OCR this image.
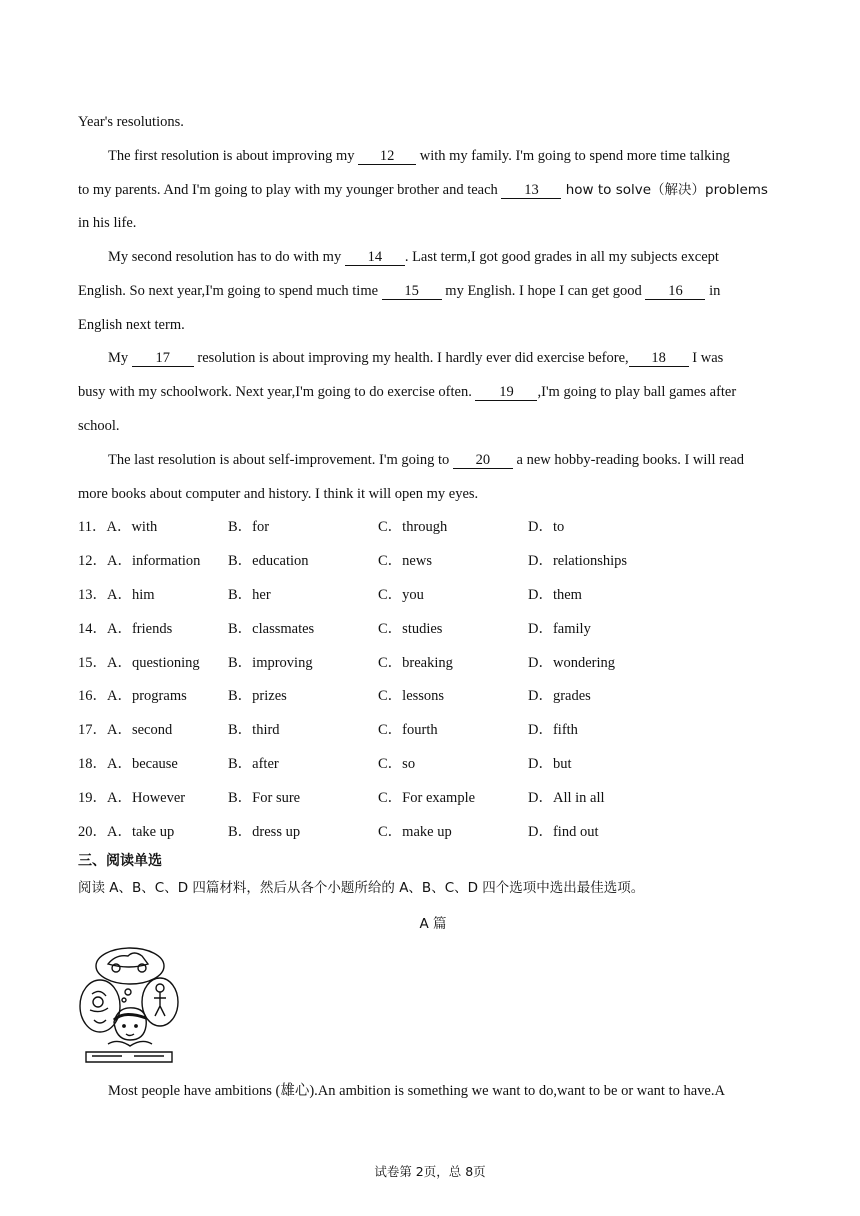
Year's resolutions.
The first resolution is about improving my 12 with my family. I'm going to spend more time talking
to my parents. And I'm going to play with my younger brother and teach 13 how to solve（解决）problems
in his life.
My second resolution has to do with my 14 . Last term,I got good grades in all my subjects except
English. So next year,I'm going to spend much time 15 my English. I hope I can get good 16 in
English next term.
My 17 resolution is about improving my health. I hardly ever did exercise before, 18 I was
busy with my schoolwork. Next year,I'm going to do exercise often. 19 ,I'm going to play ball games after
school.
The last resolution is about self-improvement. I'm going to 20 a new hobby-reading books. I will read
more books about computer and history. I think it will open my eyes.
11．A．with	B．for	C．through	D．to
12．A．information B．education	C．news	D．relationships
13．A．him	B．her	C．you	D．them
14．A．friends	B．classmates	C．studies	D．family
15．A．questioning B．improving	C．breaking	D．wondering
16．A．programs	B．prizes	C．lessons	D．grades
17．A．second	B．third	C．fourth	D．fifth
18．A．because	B．after	C．so	D．but
19．A．However	B．For sure	C．For example	D．All in all
20．A．take up	B．dress up	C．make up	D．find out
三、阅读单选
阅读 A、B、C、D 四篇材料，然后从各个小题所给的 A、B、C、D 四个选项中选出最佳选项。
A 篇
Most people have ambitions (雄心).An ambition is something we want to do,want to be or want to have.A
试卷第 2页，总 8页
